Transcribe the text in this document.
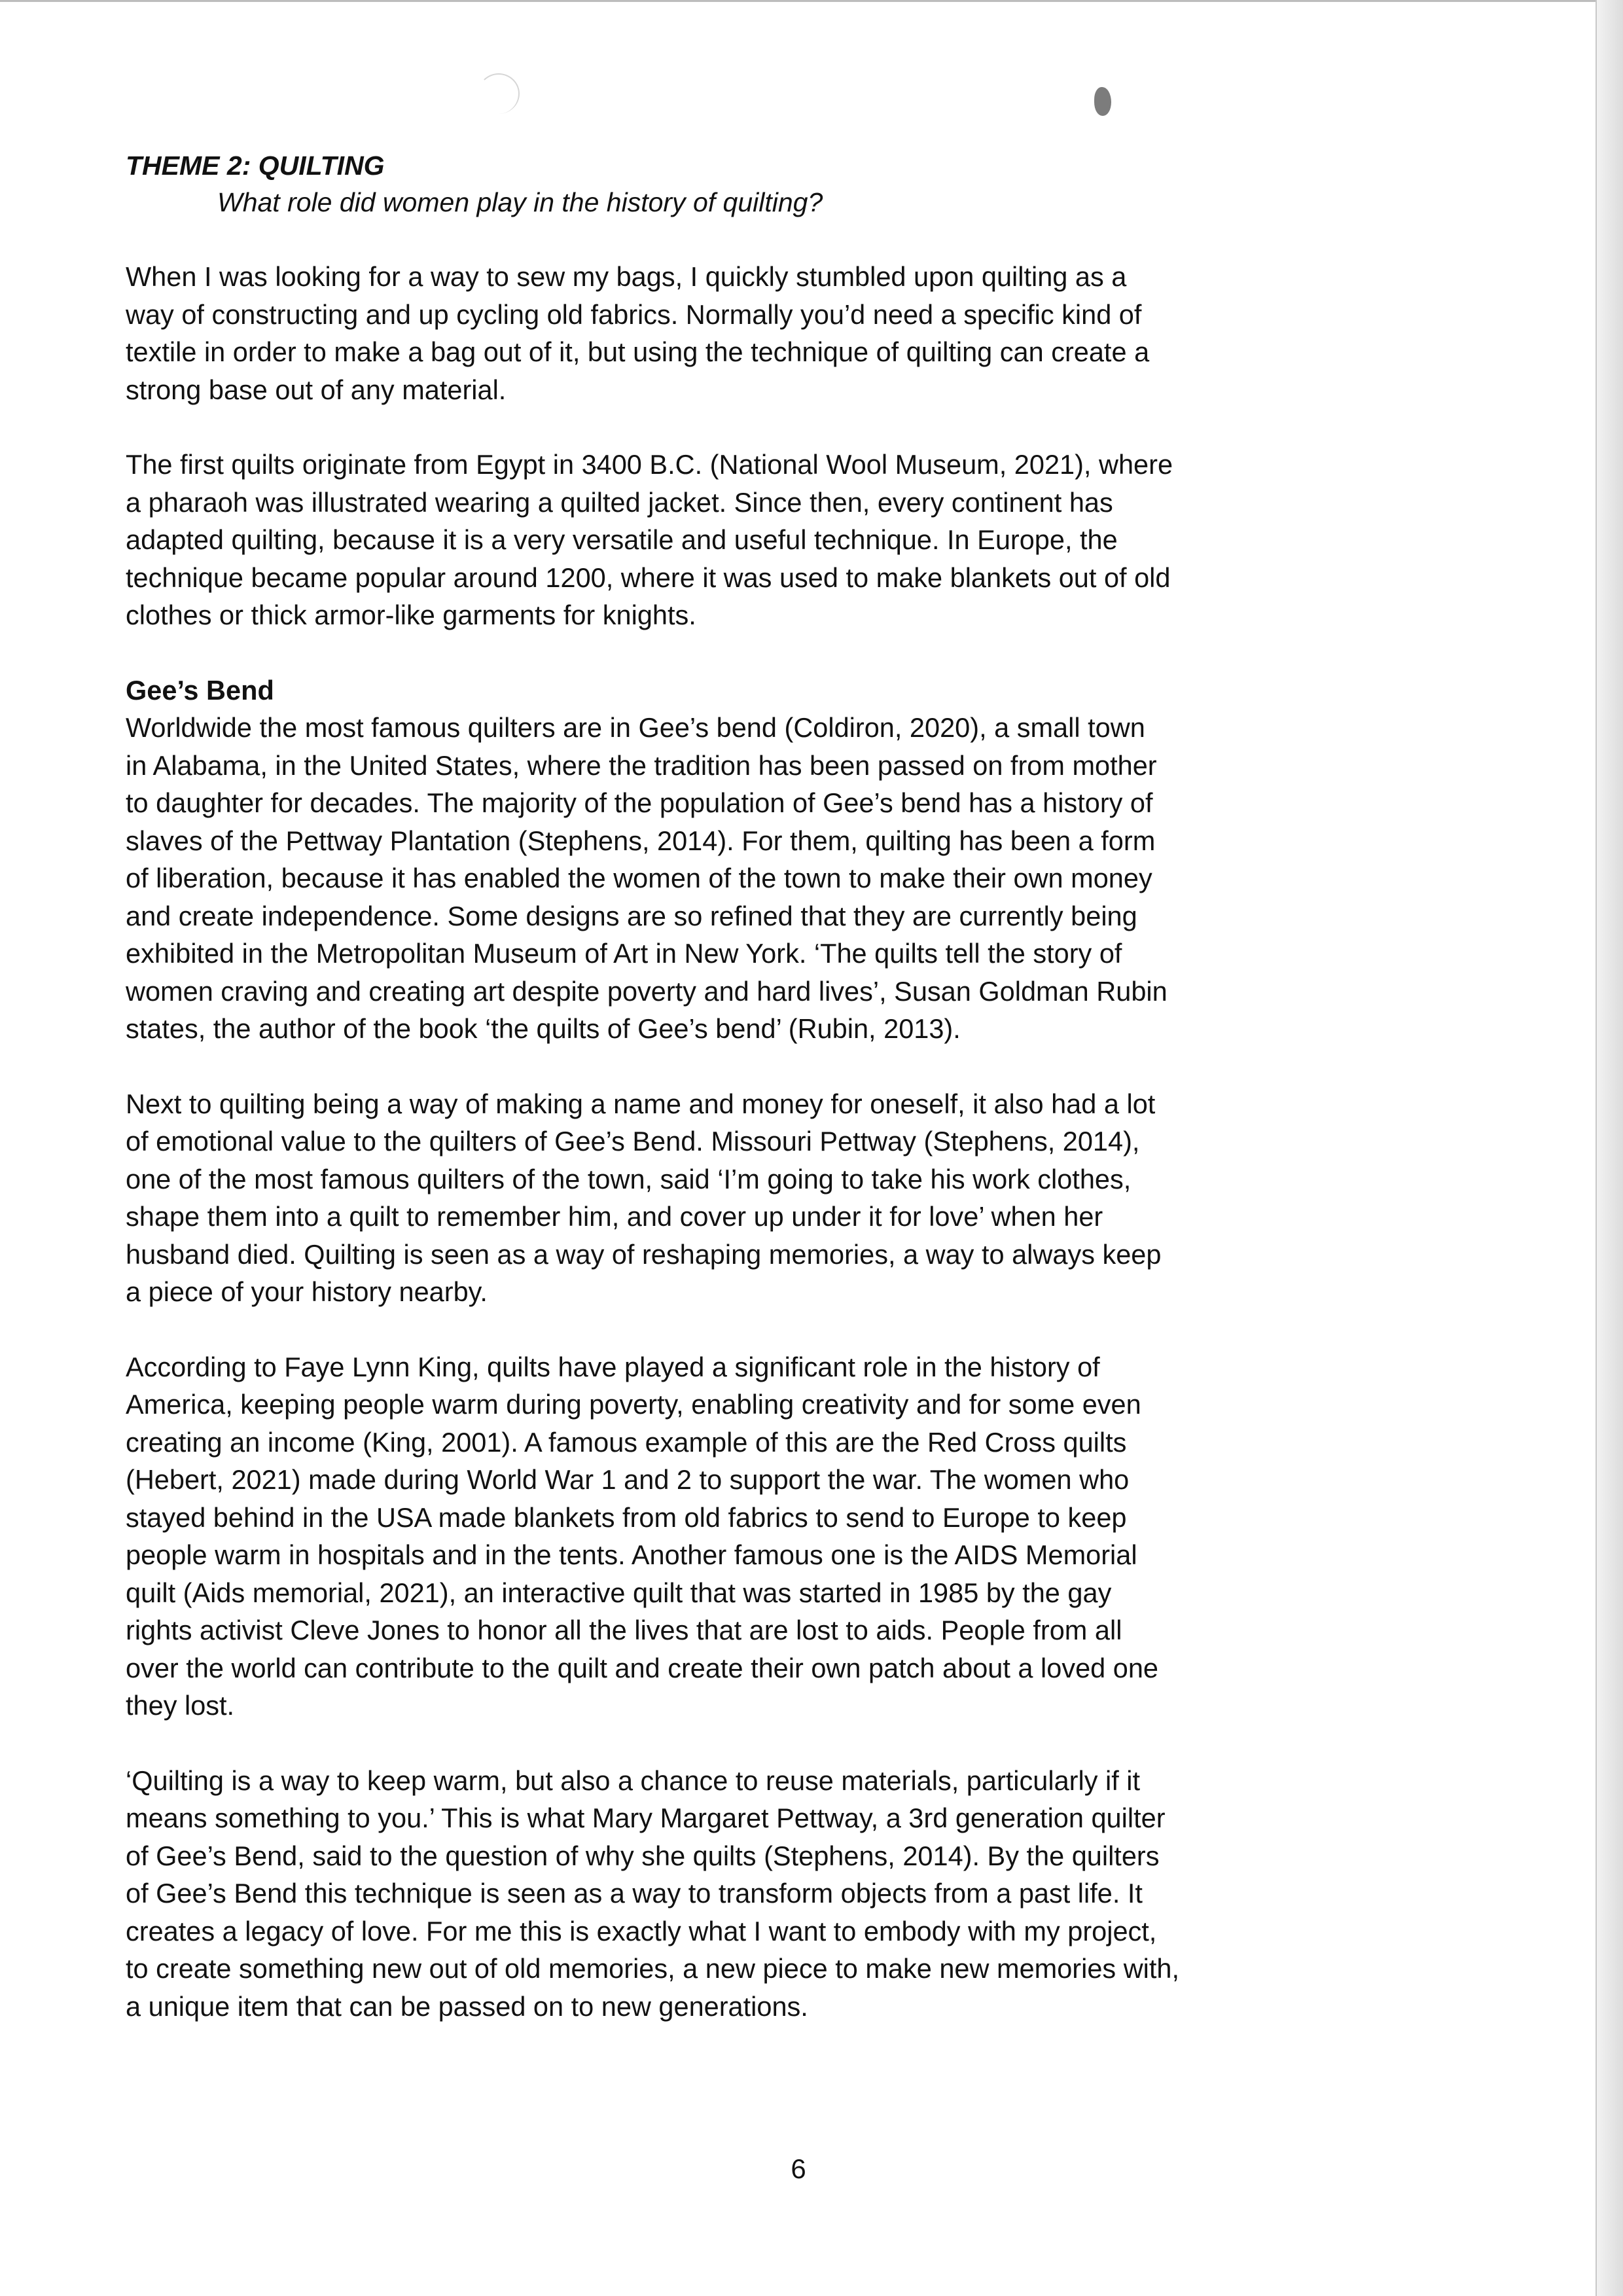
THEME 2: QUILTING

What role did women play in the history of quilting?

When I was looking for a way to sew my bags, I quickly stumbled upon quilting as a
way of constructing and up cycling old fabrics. Normally you’d need a specific kind of
textile in order to make a bag out of it, but using the technique of quilting can create a
strong base out of any material.

The first quilts originate from Egypt in 3400 B.C. (National Wool Museum, 2021), where
a pharaoh was illustrated wearing a quilted jacket. Since then, every continent has
adapted quilting, because it is a very versatile and useful technique. In Europe, the
technique became popular around 1200, where it was used to make blankets out of old
clothes or thick armor-like garments for knights.

Gee’s Bend

Worldwide the most famous quilters are in Gee’s bend (Coldiron, 2020), a small town
in Alabama, in the United States, where the tradition has been passed on from mother
to daughter for decades. The majority of the population of Gee’s bend has a history of
slaves of the Pettway Plantation (Stephens, 2014). For them, quilting has been a form
of liberation, because it has enabled the women of the town to make their own money
and create independence. Some designs are so refined that they are currently being
exhibited in the Metropolitan Museum of Art in New York. ‘The quilts tell the story of
women craving and creating art despite poverty and hard lives’, Susan Goldman Rubin
states, the author of the book ‘the quilts of Gee’s bend’ (Rubin, 2013).

Next to quilting being a way of making a name and money for oneself, it also had a lot
of emotional value to the quilters of Gee’s Bend. Missouri Pettway (Stephens, 2014),
one of the most famous quilters of the town, said ‘I’m going to take his work clothes,
shape them into a quilt to remember him, and cover up under it for love’ when her
husband died. Quilting is seen as a way of reshaping memories, a way to always keep
a piece of your history nearby.

According to Faye Lynn King, quilts have played a significant role in the history of
America, keeping people warm during poverty, enabling creativity and for some even
creating an income (King, 2001). A famous example of this are the Red Cross quilts
(Hebert, 2021) made during World War 1 and 2 to support the war. The women who
stayed behind in the USA made blankets from old fabrics to send to Europe to keep
people warm in hospitals and in the tents. Another famous one is the AIDS Memorial
quilt (Aids memorial, 2021), an interactive quilt that was started in 1985 by the gay
rights activist Cleve Jones to honor all the lives that are lost to aids. People from all
over the world can contribute to the quilt and create their own patch about a loved one
they lost.

‘Quilting is a way to keep warm, but also a chance to reuse materials, particularly if it
means something to you.’ This is what Mary Margaret Pettway, a 3rd generation quilter
of Gee’s Bend, said to the question of why she quilts (Stephens, 2014). By the quilters
of Gee’s Bend this technique is seen as a way to transform objects from a past life. It
creates a legacy of love. For me this is exactly what I want to embody with my project,
to create something new out of old memories, a new piece to make new memories with,
a unique item that can be passed on to new generations.

6
